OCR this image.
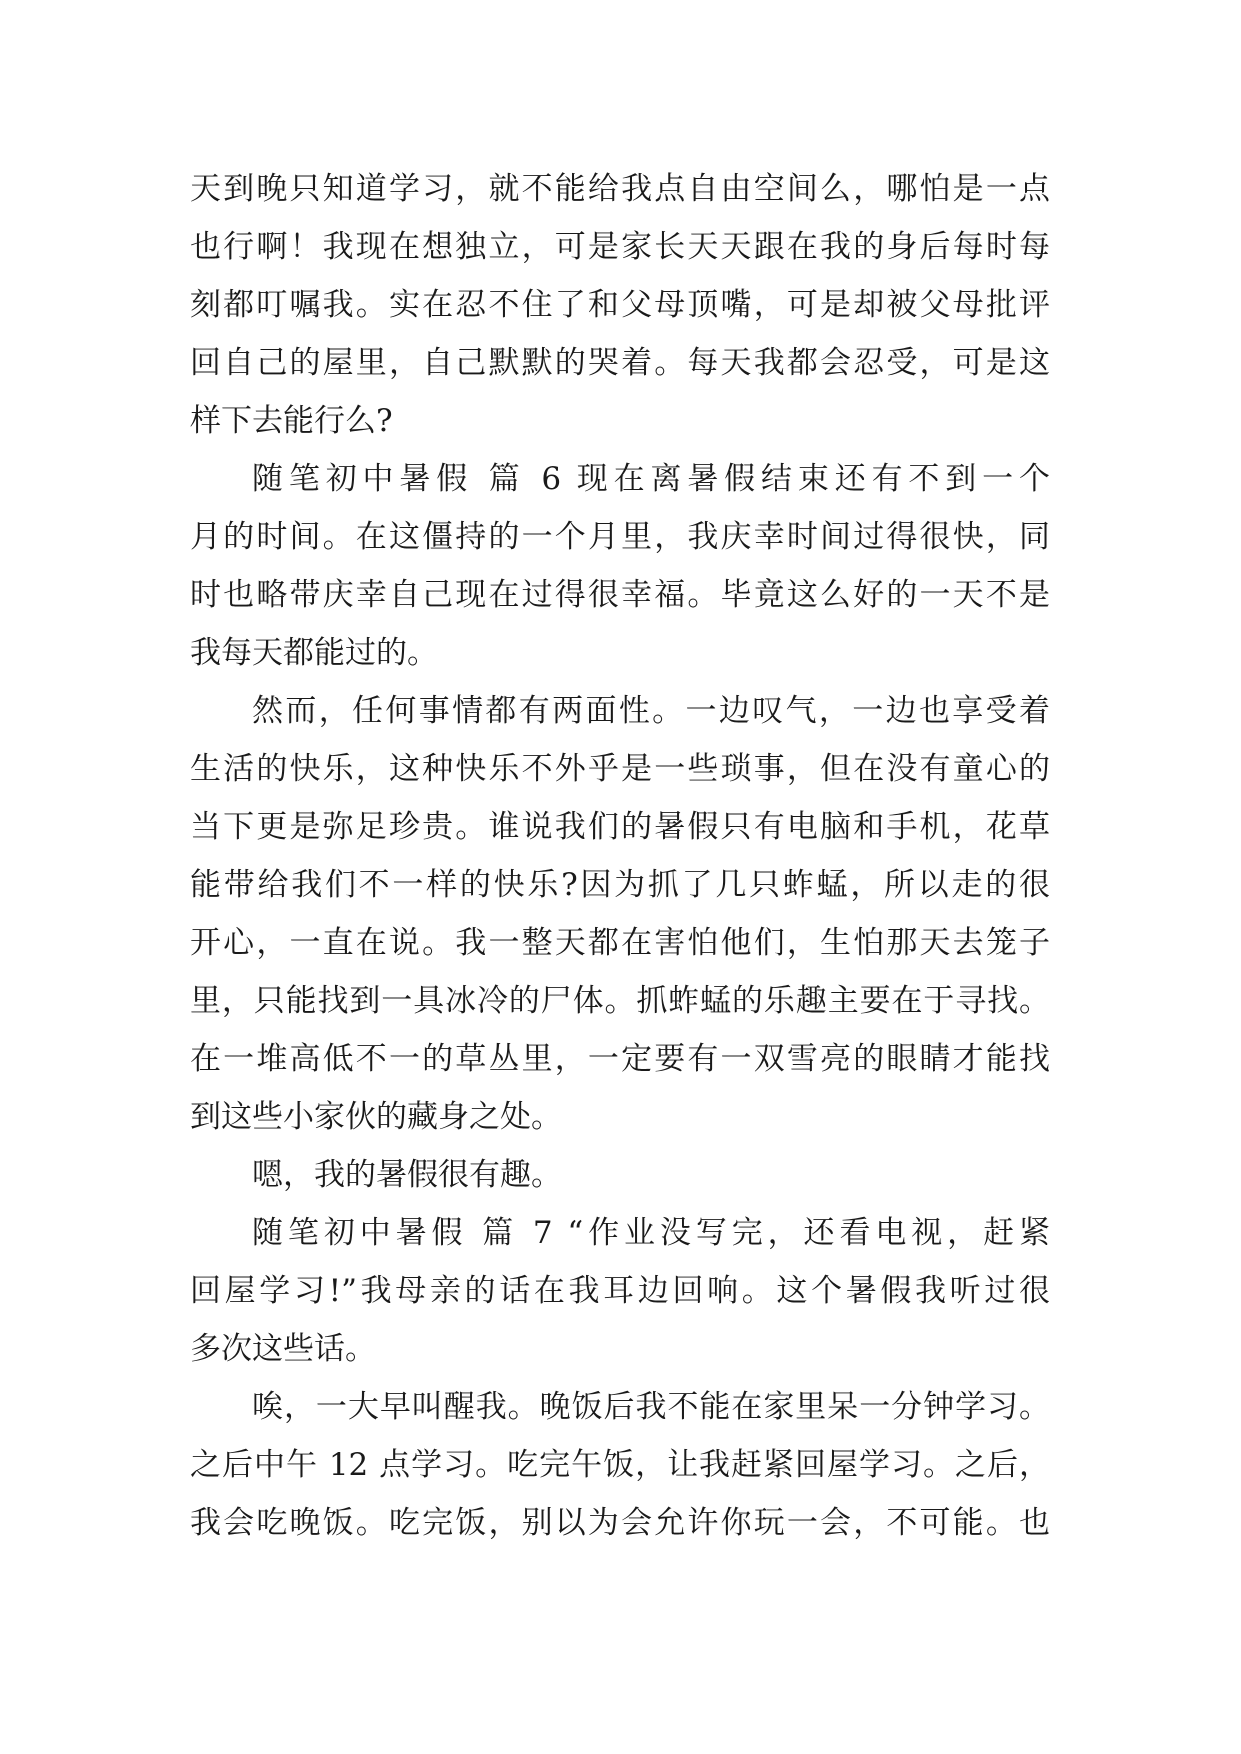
天到晚只知道学习，就不能给我点自由空间么，哪怕是一点
也行啊！我现在想独立，可是家长天天跟在我的身后每时每
刻都叮嘱我。实在忍不住了和父母顶嘴，可是却被父母批评
回自己的屋里，自己默默的哭着。每天我都会忍受，可是这
样下去能行么?
随笔初中暑假 篇 6 现在离暑假结束还有不到一个
月的时间。在这僵持的一个月里，我庆幸时间过得很快，同
时也略带庆幸自己现在过得很幸福。毕竟这么好的一天不是
我每天都能过的。
然而，任何事情都有两面性。一边叹气，一边也享受着
生活的快乐，这种快乐不外乎是一些琐事，但在没有童心的
当下更是弥足珍贵。谁说我们的暑假只有电脑和手机，花草
能带给我们不一样的快乐?因为抓了几只蚱蜢，所以走的很
开心，一直在说。我一整天都在害怕他们，生怕那天去笼子
里，只能找到一具冰冷的尸体。抓蚱蜢的乐趣主要在于寻找。
在一堆高低不一的草丛里，一定要有一双雪亮的眼睛才能找
到这些小家伙的藏身之处。
嗯，我的暑假很有趣。
随笔初中暑假 篇 7 “作业没写完，还看电视，赶紧
回屋学习!”我母亲的话在我耳边回响。这个暑假我听过很
多次这些话。
唉，一大早叫醒我。晚饭后我不能在家里呆一分钟学习。
之后中午 12 点学习。吃完午饭，让我赶紧回屋学习。之后，
我会吃晚饭。吃完饭，别以为会允许你玩一会，不可能。也
